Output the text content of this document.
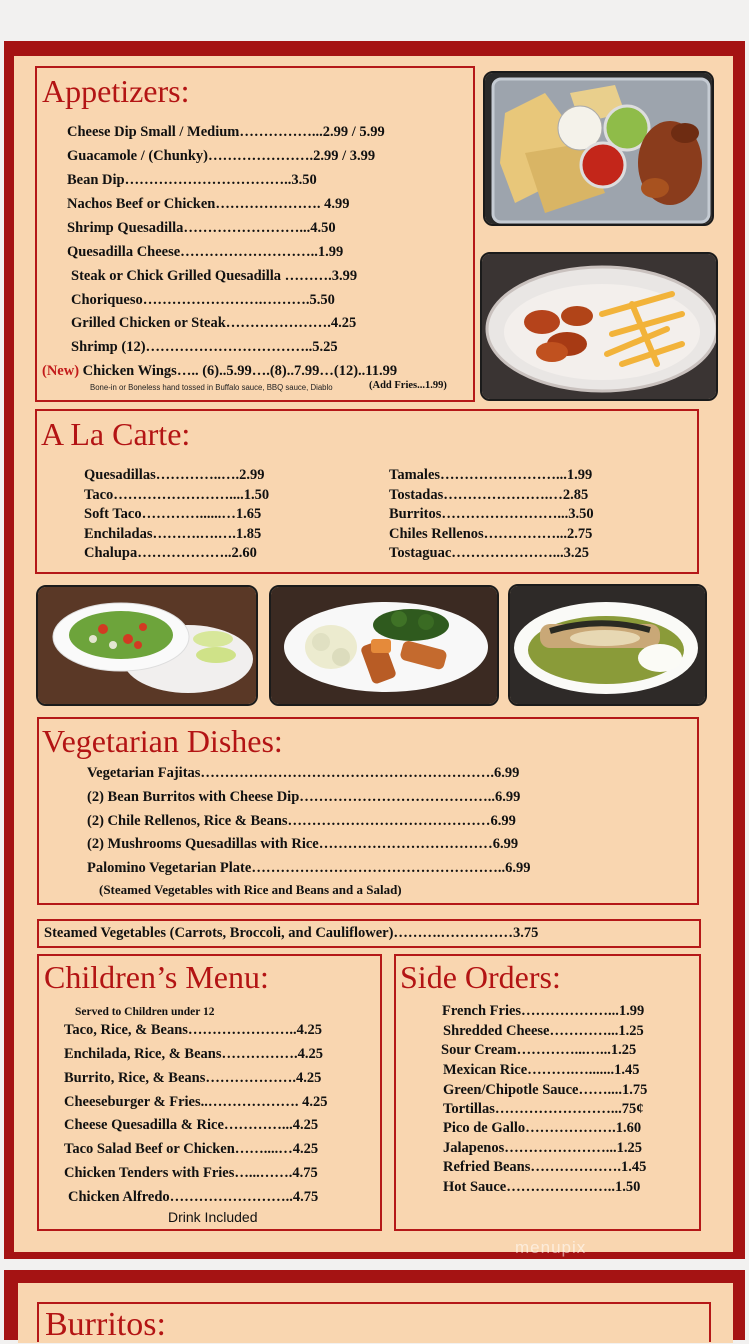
Appetizers:
Cheese Dip Small / Medium……………...2.99 / 5.99
Guacamole / (Chunky)………………….2.99 / 3.99
Bean Dip……………………………..3.50
Nachos Beef or Chicken…………………. 4.99
Shrimp Quesadilla……………………...4.50
Quesadilla Cheese………………………..1.99
Steak or Chick Grilled Quesadilla ……….3.99
Choriqueso…………………….……….5.50
Grilled Chicken or Steak………………….4.25
Shrimp (12)……………………………..5.25
(New) Chicken Wings….. (6)..5.99….(8)..7.99…(12)..11.99
Bone-in or Boneless hand tossed in Buffalo sauce, BBQ sauce, Diablo	(Add Fries...1.99)
A La Carte:
Quesadillas…………..….2.99
Taco……………………....1.50
Soft Taco…………......…1.65
Enchiladas……….….….1.85
Chalupa………………..2.60
Tamales……………………...1.99
Tostadas………………….…2.85
Burritos……………………...3.50
Chiles Rellenos……………...2.75
Tostaguac…………………...3.25
Vegetarian Dishes:
Vegetarian Fajitas…………………………………………………….6.99
(2) Bean Burritos with Cheese Dip…………………………………..6.99
(2) Chile Rellenos, Rice & Beans……………………………………6.99
(2) Mushrooms Quesadillas with Rice………………………………6.99
Palomino Vegetarian Plate……………………………………………..6.99
(Steamed Vegetables with Rice and Beans and a Salad)
Steamed Vegetables (Carrots, Broccoli, and Cauliflower)……….……………3.75
Children’s Menu:
Served to Children under 12
Taco, Rice, & Beans…………………..4.25
Enchilada, Rice, & Beans…………….4.25
Burrito, Rice, & Beans……………….4.25
Cheeseburger & Fries..………………. 4.25
Cheese Quesadilla & Rice…………...4.25
Taco Salad Beef or Chicken……....…4.25
Chicken Tenders with Fries…...…….4.75
Chicken Alfredo……………………..4.75
Drink Included
Side Orders:
French Fries………………...1.99
Shredded Cheese…………...1.25
Sour Cream…………...…...1.25
Mexican Rice……….….......1.45
Green/Chipotle Sauce……....1.75
Tortillas……………………...75¢
Pico de Gallo……………….1.60
Jalapenos…………………...1.25
Refried Beans……………….1.45
Hot Sauce…………………..1.50
menupix
Burritos:
